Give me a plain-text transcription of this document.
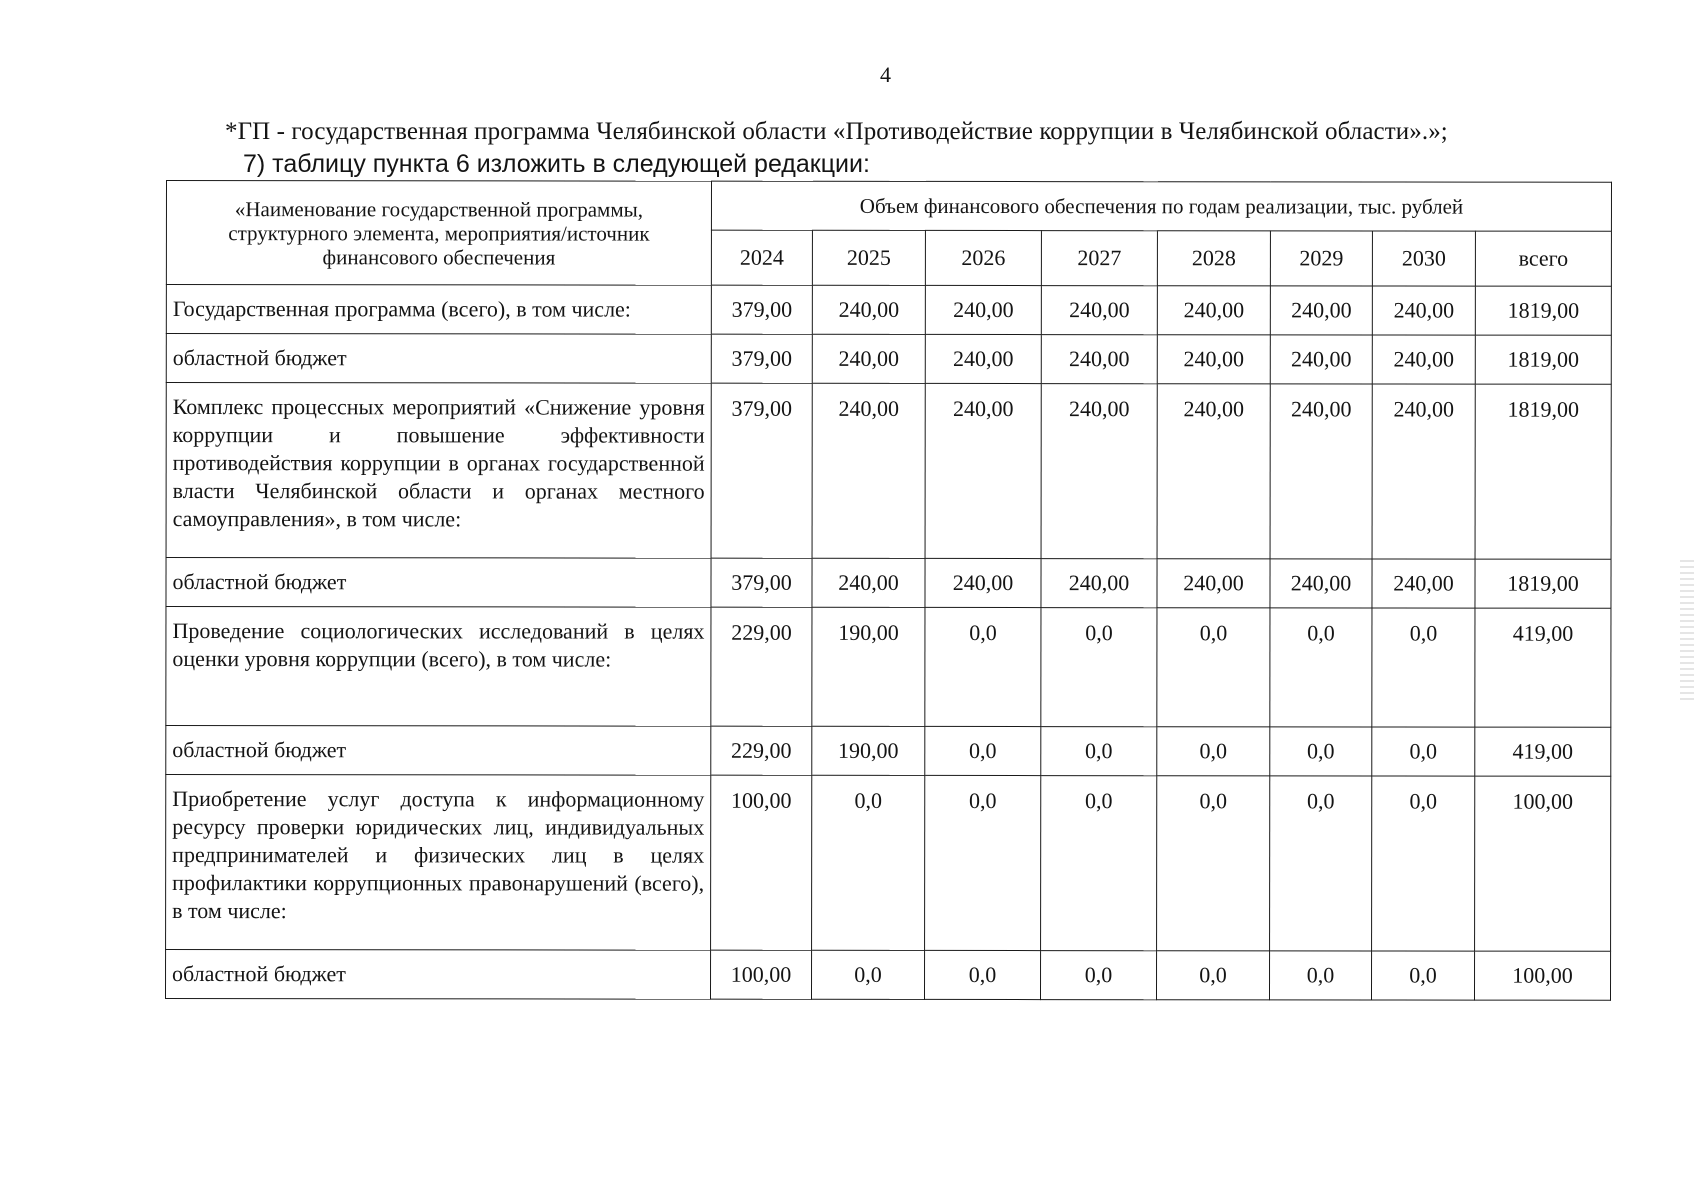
4
*ГП - государственная программа Челябинской области «Противодействие коррупции в Челябинской области».»;
7) таблицу пункта 6 изложить в следующей редакции:
«Наименование государственной программы, структурного элемента, мероприятия/источник финансового обеспечения	Объем финансового обеспечения по годам реализации, тыс. рублей							
	2024	2025	2026	2027	2028	2029	2030	всего
Государственная программа (всего), в том числе:	379,00	240,00	240,00	240,00	240,00	240,00	240,00	1819,00
областной бюджет	379,00	240,00	240,00	240,00	240,00	240,00	240,00	1819,00
Комплекс процессных мероприятий «Снижение уровня коррупции и повышение эффективности противодействия коррупции в органах государственной власти Челябинской области и органах местного самоуправления», в том числе:	379,00	240,00	240,00	240,00	240,00	240,00	240,00	1819,00
областной бюджет	379,00	240,00	240,00	240,00	240,00	240,00	240,00	1819,00
Проведение социологических исследований в целях оценки уровня коррупции (всего), в том числе:	229,00	190,00	0,0	0,0	0,0	0,0	0,0	419,00
областной бюджет	229,00	190,00	0,0	0,0	0,0	0,0	0,0	419,00
Приобретение услуг доступа к информационному ресурсу проверки юридических лиц, индивидуальных предпринимателей и физических лиц в целях профилактики коррупционных правонарушений (всего), в том числе:	100,00	0,0	0,0	0,0	0,0	0,0	0,0	100,00
областной бюджет	100,00	0,0	0,0	0,0	0,0	0,0	0,0	100,00
